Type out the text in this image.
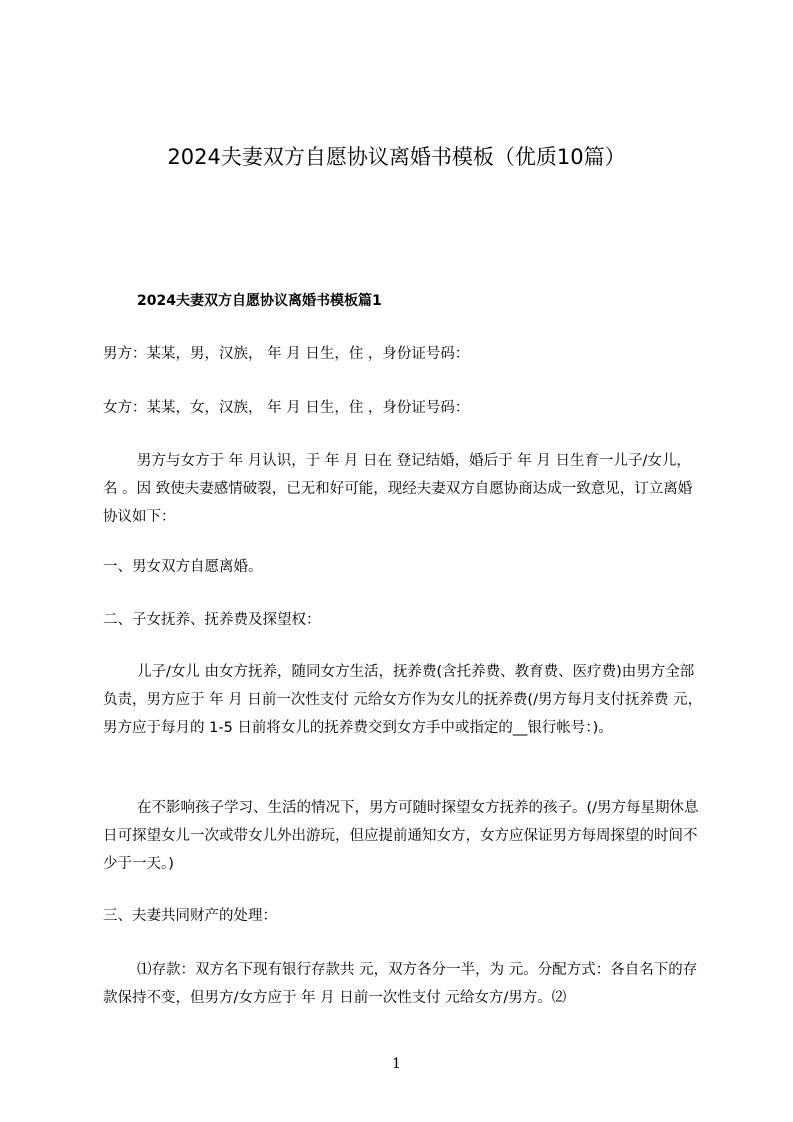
2024夫妻双方自愿协议离婚书模板（优质10篇）
2024夫妻双方自愿协议离婚书模板篇1
男方：某某，男，汉族， 年 月 日生，住 ，身份证号码：
女方：某某，女，汉族， 年 月 日生，住 ，身份证号码：
男方与女方于 年 月认识，于 年 月 日在 登记结婚，婚后于 年 月 日生育一儿子/女儿，名 。因 致使夫妻感情破裂，已无和好可能，现经夫妻双方自愿协商达成一致意见，订立离婚协议如下：
一、男女双方自愿离婚。
二、子女抚养、抚养费及探望权：
儿子/女儿 由女方抚养，随同女方生活，抚养费(含托养费、教育费、医疗费)由男方全部负责，男方应于 年 月 日前一次性支付 元给女方作为女儿的抚养费(/男方每月支付抚养费 元，男方应于每月的 1-5 日前将女儿的抚养费交到女方手中或指定的__银行帐号：)。
在不影响孩子学习、生活的情况下，男方可随时探望女方抚养的孩子。(/男方每星期休息日可探望女儿一次或带女儿外出游玩，但应提前通知女方，女方应保证男方每周探望的时间不少于一天。)
三、夫妻共同财产的处理：
⑴存款：双方名下现有银行存款共 元，双方各分一半，为 元。分配方式：各自名下的存款保持不变，但男方/女方应于 年 月 日前一次性支付 元给女方/男方。⑵
1
